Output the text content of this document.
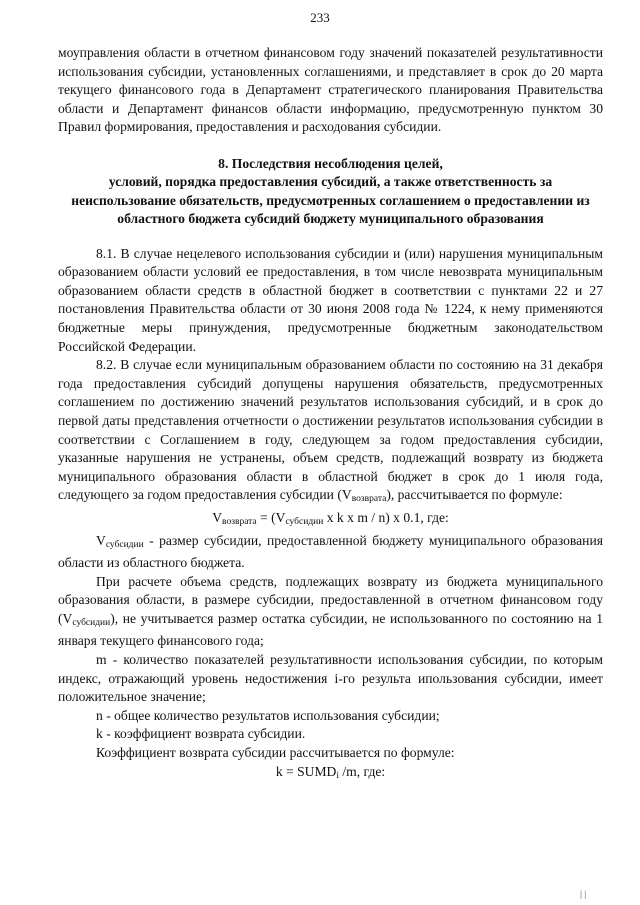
233

моуправления области в отчетном финансовом году значений показателей результативности использования субсидии, установленных соглашениями, и представляет в срок до 20 марта текущего финансового года в Департамент стратегического планирования Правительства области и Департамент финансов области информацию, предусмотренную пунктом 30 Правил формирования, предоставления и расходования субсидии.

8. Последствия несоблюдения целей,
условий, порядка предоставления субсидий, а также ответственность за неиспользование обязательств, предусмотренных соглашением о предоставлении из областного бюджета субсидий бюджету муниципального образования

8.1. В случае нецелевого использования субсидии и (или) нарушения муниципальным образованием области условий ее предоставления, в том числе невозврата муниципальным образованием области средств в областной бюджет в соответствии с пунктами 22 и 27 постановления Правительства области от 30 июня 2008 года № 1224, к нему применяются бюджетные меры принуждения, предусмотренные бюджетным законодательством Российской Федерации.

8.2. В случае если муниципальным образованием области по состоянию на 31 декабря года предоставления субсидий допущены нарушения обязательств, предусмотренных соглашением по достижению значений результатов использования субсидий, и в срок до первой даты представления отчетности о достижении результатов использования субсидии в соответствии с Соглашением в году, следующем за годом предоставления субсидии, указанные нарушения не устранены, объем средств, подлежащий возврату из бюджета муниципального образования области в областной бюджет в срок до 1 июля года, следующего за годом предоставления субсидии $(V_{возврата})$, рассчитывается по формуле:

$V_{возврата} = (V_{субсидии}$ x k x m / n) x 0.1, где:

$V_{субсидии}$ - размер субсидии, предоставленной бюджету муниципального образования области из областного бюджета.

При расчете объема средств, подлежащих возврату из бюджета муниципального образования области, в размере субсидии, предоставленной в отчетном финансовом году $(V_{субсидии})$, не учитывается размер остатка субсидии, не использованного по состоянию на 1 января текущего финансового года;

m - количество показателей результативности использования субсидии, по которым индекс, отражающий уровень недостижения i-го результа ипользования субсидии, имеет положительное значение;

n - общее количество результатов использования субсидии;

k - коэффициент возврата субсидии.

Коэффициент возврата субсидии рассчитывается по формуле:

$k = SUMD_i$ /m, где:

| |
